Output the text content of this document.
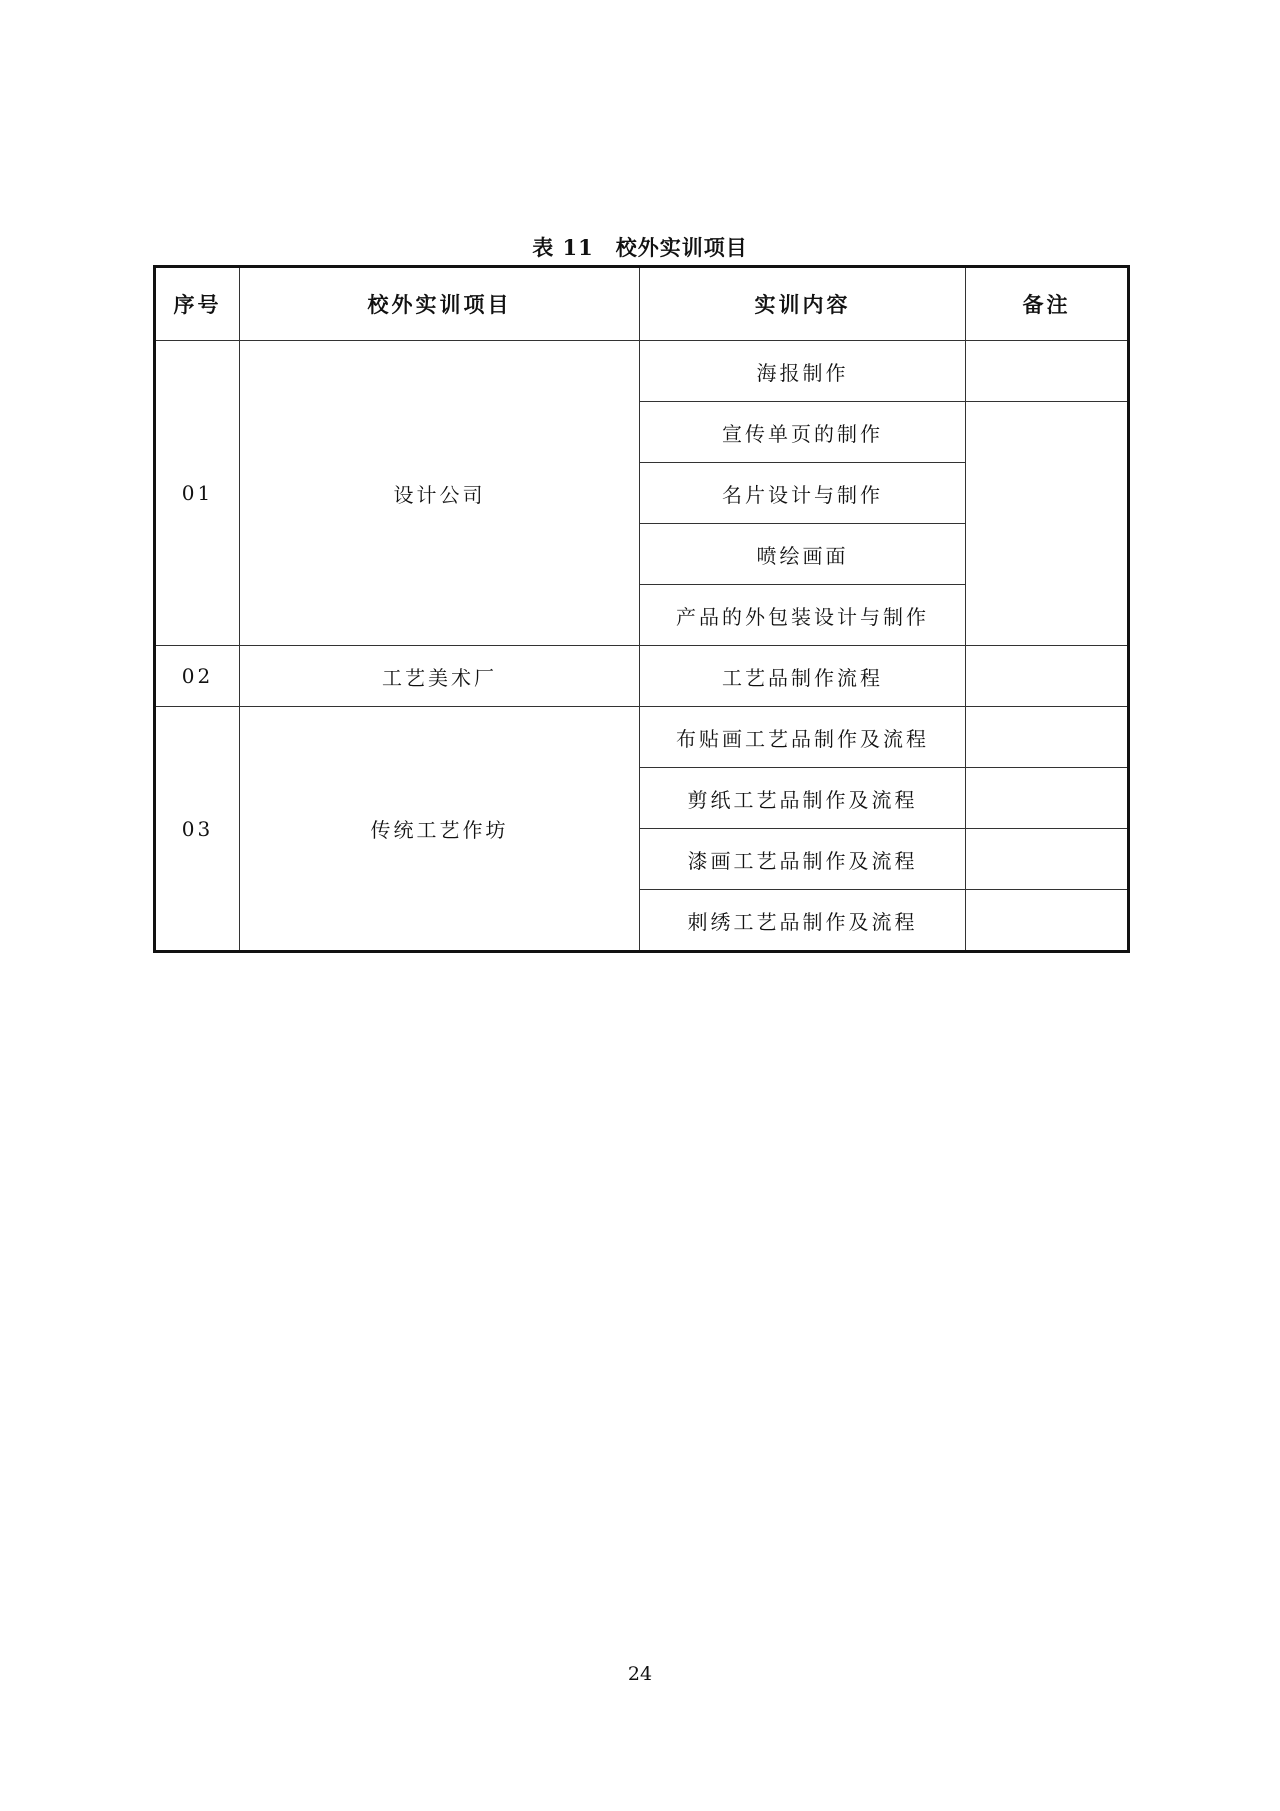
表 11 校外实训项目
序号	校外实训项目	实训内容	备注
01	设计公司	海报制作	
		宣传单页的制作	
		名片设计与制作	
		喷绘画面	
		产品的外包装设计与制作	
02	工艺美术厂	工艺品制作流程	
03	传统工艺作坊	布贴画工艺品制作及流程	
		剪纸工艺品制作及流程	
		漆画工艺品制作及流程	
		刺绣工艺品制作及流程	
24
